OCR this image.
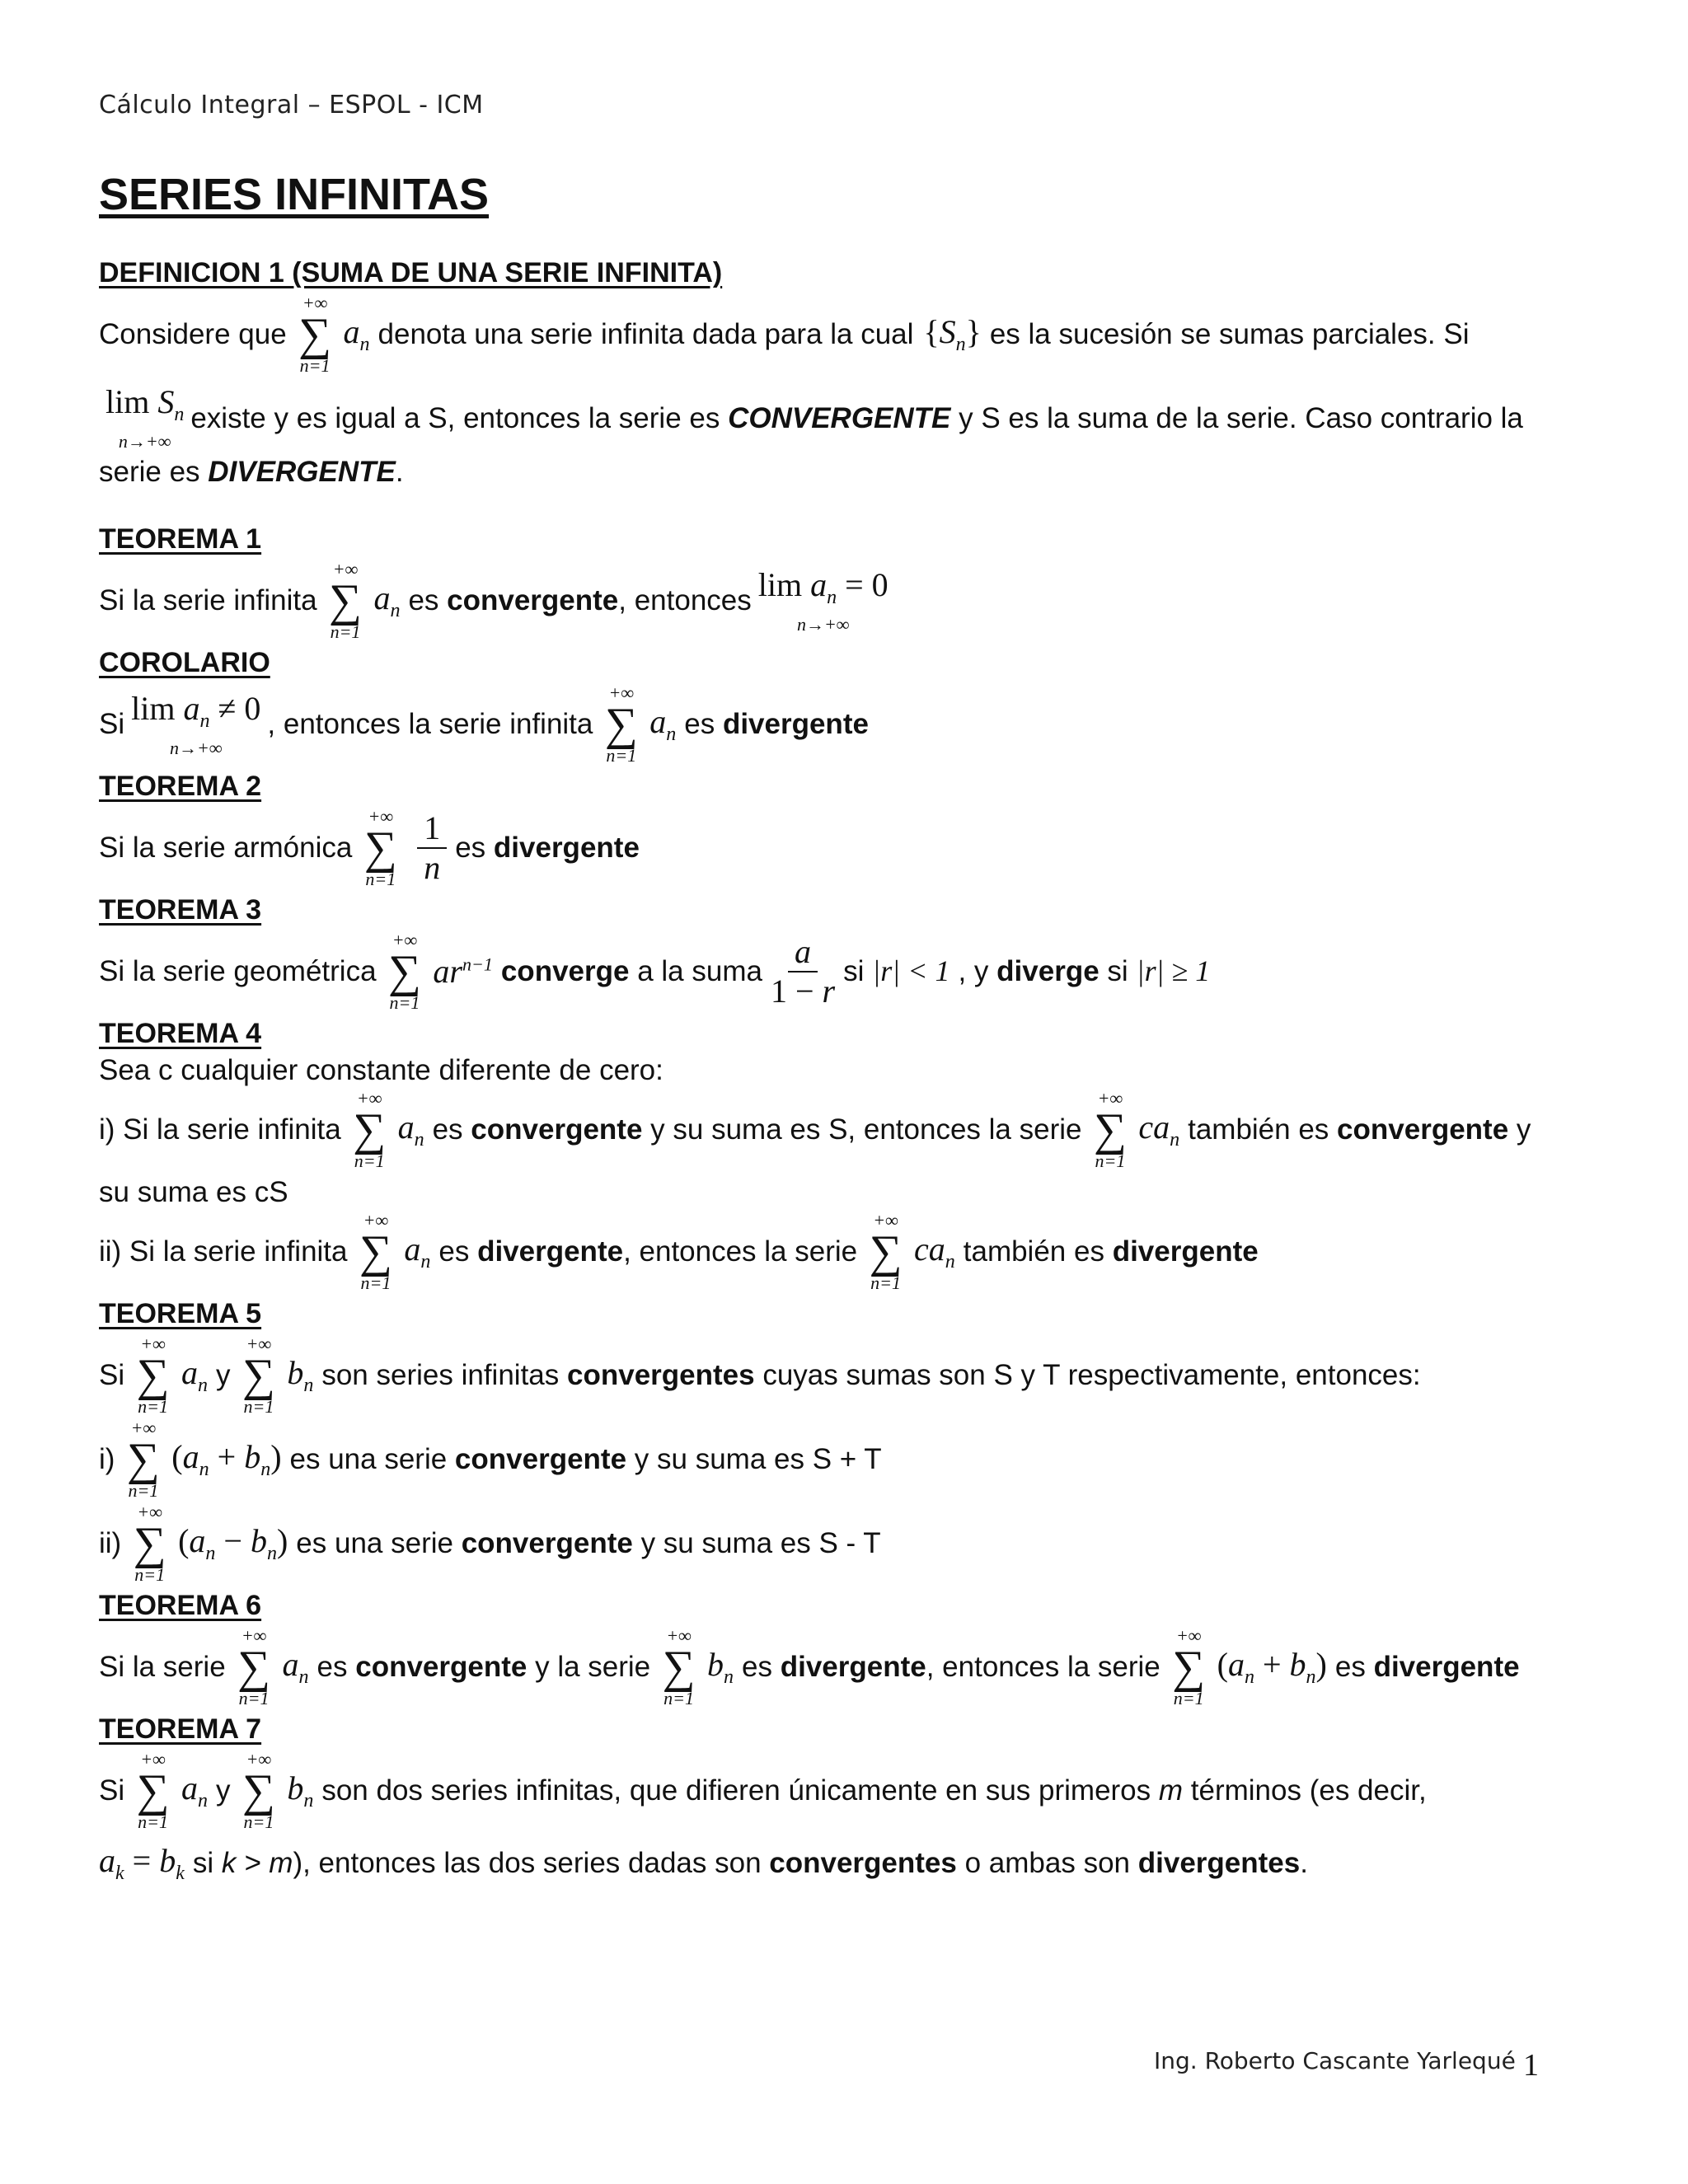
Cálculo Integral – ESPOL - ICM
SERIES INFINITAS
DEFINICION 1 (SUMA DE UNA SERIE INFINITA)
Considere que
+∞
∑
n=1
$a_n$ denota una serie infinita dada para la cual $\{S_n\}$ es la sucesión se sumas parciales. Si
$\lim S_n$
n→+∞
existe y es igual a S, entonces la serie es
CONVERGENTE
y S es la suma de la serie. Caso contrario la
serie es
DIVERGENTE .
TEOREMA 1
Si la serie infinita
+∞
∑
n=1
$a_n$ es
convergente , entonces $\lim a_n = 0$
n→+∞
COROLARIO
Si $\lim a_n \ne 0$
n→+∞
, entonces la serie infinita
+∞
∑
n=1
$a_n$ es
divergente
TEOREMA 2
Si la serie armónica
+∞
∑
$n=1 \frac{1}{n}$ es
divergente
TEOREMA 3
Si la serie geométrica
+∞
∑
n=1
$ar^{n-1}$ converge
a la suma $\frac{a}{1 - r}$ si |r| < 1 , y
diverge
si |r| ≥ 1
TEOREMA 4
Sea c cualquier constante diferente de cero:
i) Si la serie infinita
+∞
∑
n=1
$a_n$ es
convergente
y su suma es S, entonces la serie
+∞
∑
n=1
$ca_n$ también es
convergente
y
su suma es cS
ii) Si la serie infinita
+∞
∑
n=1
$a_n$ es
divergente , entonces la serie
+∞
∑
n=1
$ca_n$ también es
divergente
TEOREMA 5
Si
+∞
∑
n=1
$a_n$ y
+∞
∑
n=1
$b_n$ son series infinitas
convergentes
cuyas sumas son S y T respectivamente, entonces:
i)
+∞
∑
n=1
$(a_n + b_n)$ es una serie
convergente
y su suma es S + T
ii)
+∞
∑
n=1
$(a_n - b_n)$ es una serie
convergente
y su suma es S - T
TEOREMA 6
Si la serie
+∞
∑
n=1
$a_n$ es
convergente
y la serie
+∞
∑
n=1
$b_n$ es
divergente , entonces la serie
+∞
∑
n=1
$(a_n + b_n)$ es
divergente
TEOREMA 7
Si
+∞
∑
n=1
$a_n$ y
+∞
∑
n=1
$b_n$ son dos series infinitas, que difieren únicamente en sus primeros
m
términos (es decir,
$a_k = b_k$ si
k > m ), entonces las dos series dadas son
convergentes
o ambas son
divergentes .
Ing. Roberto Cascante Yarlequé 1
